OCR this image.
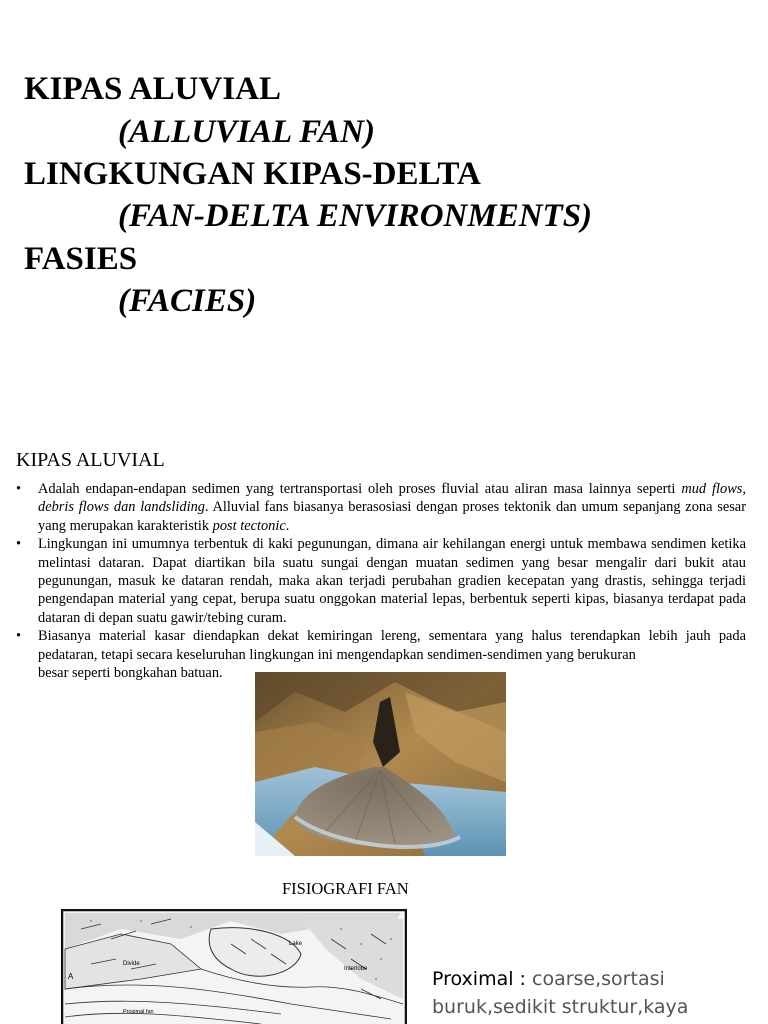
KIPAS ALUVIAL
(ALLUVIAL FAN)
LINGKUNGAN KIPAS-DELTA
(FAN-DELTA ENVIRONMENTS)
FASIES
(FACIES)
KIPAS ALUVIAL
• Adalah endapan-endapan sedimen yang tertransportasi oleh proses fluvial atau aliran masa lainnya seperti mud flows, debris flows dan landsliding. Alluvial fans biasanya berasosiasi dengan proses tektonik dan umum sepanjang zona sesar yang merupakan karakteristik post tectonic.
• Lingkungan ini umumnya terbentuk di kaki pegunungan, dimana air kehilangan energi untuk membawa sendimen ketika melintasi dataran. Dapat diartikan bila suatu sungai dengan muatan sedimen yang besar mengalir dari bukit atau pegunungan, masuk ke dataran rendah, maka akan terjadi perubahan gradien kecepatan yang drastis, sehingga terjadi pengendapan material yang cepat, berupa suatu onggokan material lepas, berbentuk seperti kipas, biasanya terdapat pada dataran di depan suatu gawir/tebing curam.
• Biasanya material kasar diendapkan dekat kemiringan lereng, sementara yang halus terendapkan lebih jauh pada pedataran, tetapi secara keseluruhan lingkungan ini mengendapkan sendimen-sendimen yang berukuran
besar seperti bongkahan batuan.
FISIOGRAFI FAN
Lake
Divide
Interlobe
A
Proximal fan
Proximal : coarse,sortasi buruk,sedikit struktur,kaya
